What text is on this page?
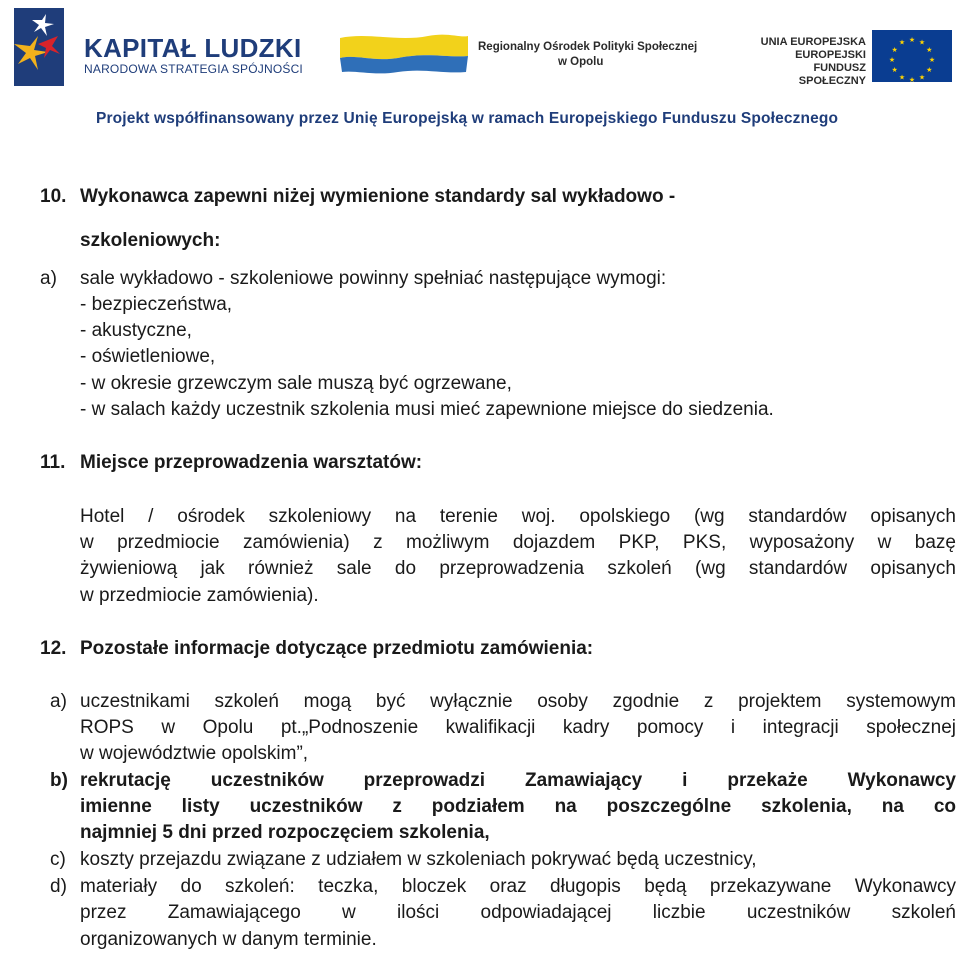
KAPITAŁ LUDZKI
NARODOWA STRATEGIA SPÓJNOŚCI
Regionalny Ośrodek Polityki Społecznej
w Opolu
UNIA EUROPEJSKA
EUROPEJSKI
FUNDUSZ SPOŁECZNY
★ ★
★
★
★
★
★
★
★
★
★
★
Projekt współfinansowany przez Unię Europejską w ramach Europejskiego Funduszu Społecznego
10. Wykonawca zapewni niżej wymienione standardy sal wykładowo -
szkoleniowych:
a) sale wykładowo - szkoleniowe powinny spełniać następujące wymogi:
- bezpieczeństwa,
- akustyczne,
- oświetleniowe,
- w okresie grzewczym sale muszą być ogrzewane,
- w salach każdy uczestnik szkolenia musi mieć zapewnione miejsce do siedzenia.
11. Miejsce przeprowadzenia warsztatów:
Hotel / ośrodek szkoleniowy na terenie woj. opolskiego (wg standardów opisanych
w przedmiocie zamówienia) z możliwym dojazdem PKP, PKS, wyposażony w bazę
żywieniową jak również sale do przeprowadzenia szkoleń (wg standardów opisanych
w przedmiocie zamówienia).
12. Pozostałe informacje dotyczące przedmiotu zamówienia:
a) uczestnikami szkoleń mogą być wyłącznie osoby zgodnie z projektem systemowym
ROPS w Opolu pt.„Podnoszenie kwalifikacji kadry pomocy i integracji społecznej
w województwie opolskim”,
b) rekrutację uczestników przeprowadzi Zamawiający i przekaże Wykonawcy
imienne listy uczestników z podziałem na poszczególne szkolenia, na co
najmniej 5 dni przed rozpoczęciem szkolenia,
c) koszty przejazdu związane z udziałem w szkoleniach pokrywać będą uczestnicy,
d) materiały do szkoleń: teczka, bloczek oraz długopis będą przekazywane Wykonawcy
przez Zamawiającego w ilości odpowiadającej liczbie uczestników szkoleń
organizowanych w danym terminie.
